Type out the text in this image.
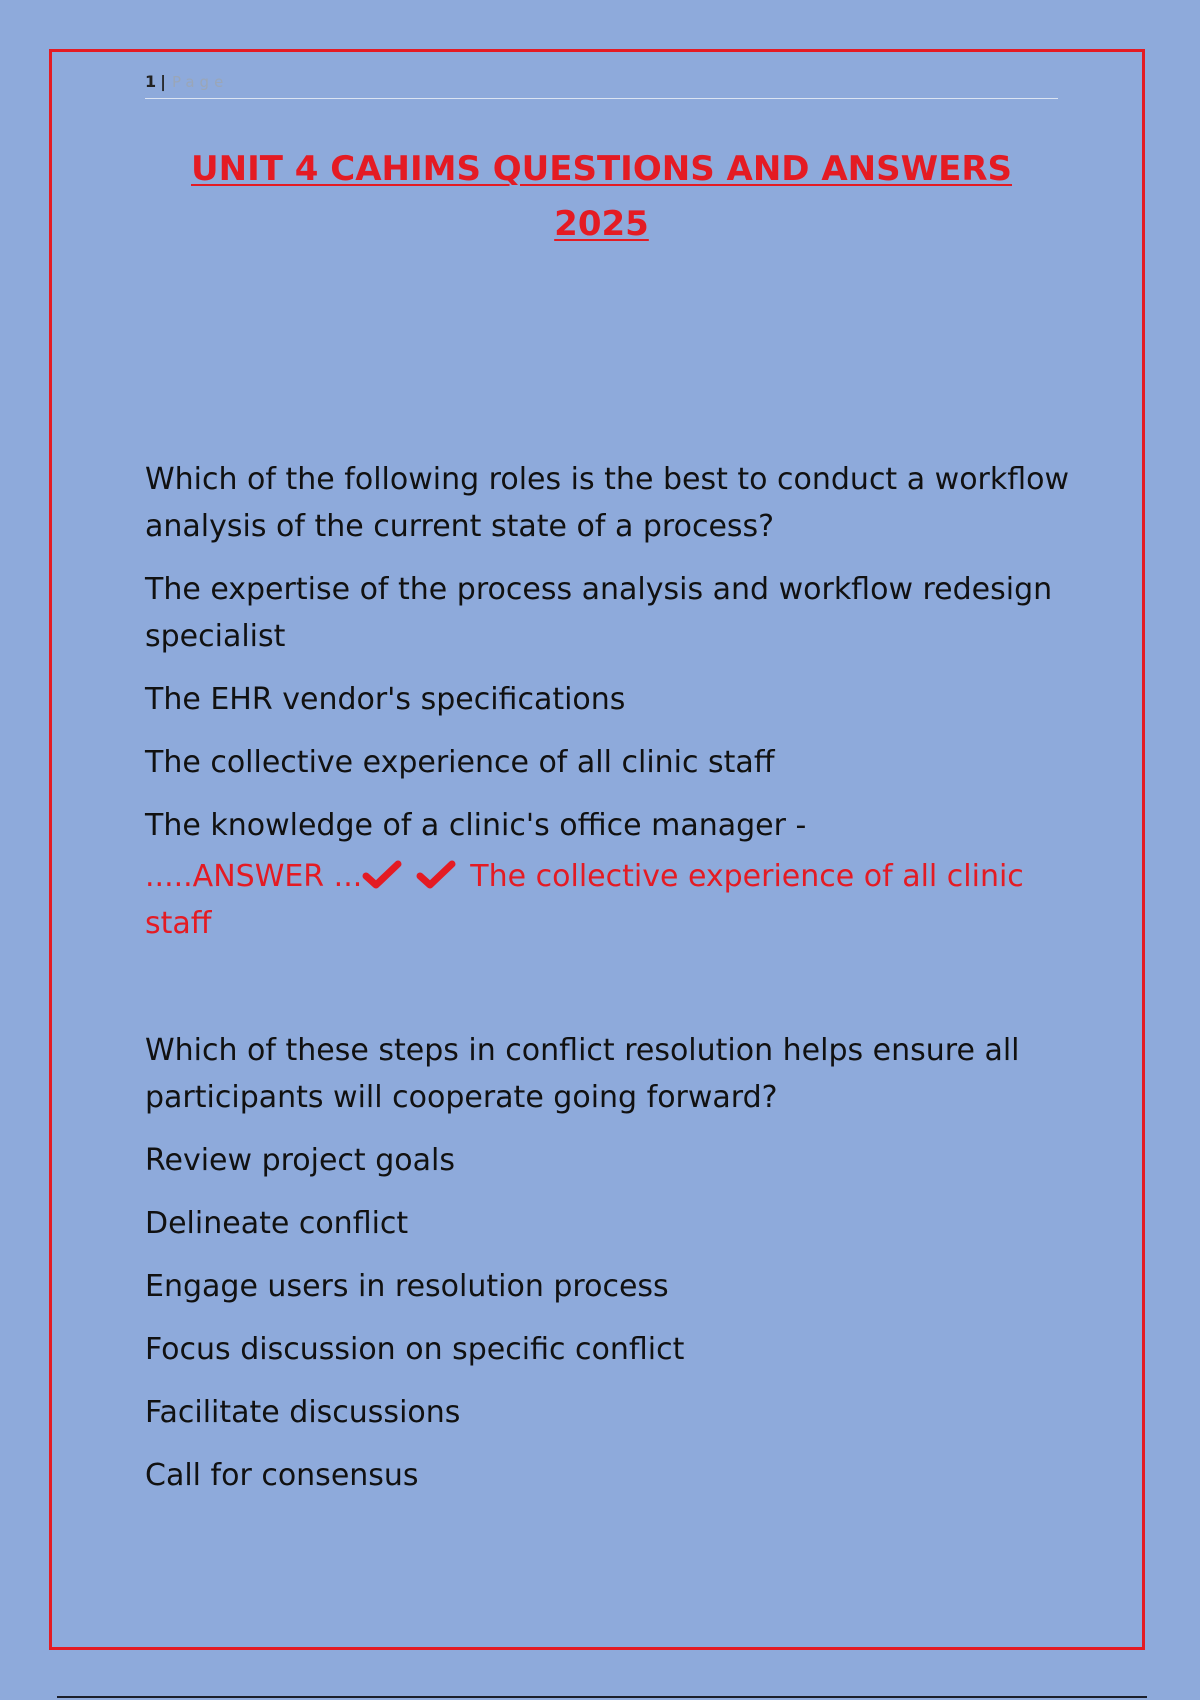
1 | Page
UNIT 4 CAHIMS QUESTIONS AND ANSWERS
2025
Which of the following roles is the best to conduct a workflow analysis of the current state of a process?
The expertise of the process analysis and workflow redesign specialist
The EHR vendor's specifications
The collective experience of all clinic staff
The knowledge of a clinic's office manager -
.....ANSWER ...	The collective experience of all clinic staff
Which of these steps in conflict resolution helps ensure all participants will cooperate going forward?
Review project goals
Delineate conflict
Engage users in resolution process
Focus discussion on specific conflict
Facilitate discussions
Call for consensus
